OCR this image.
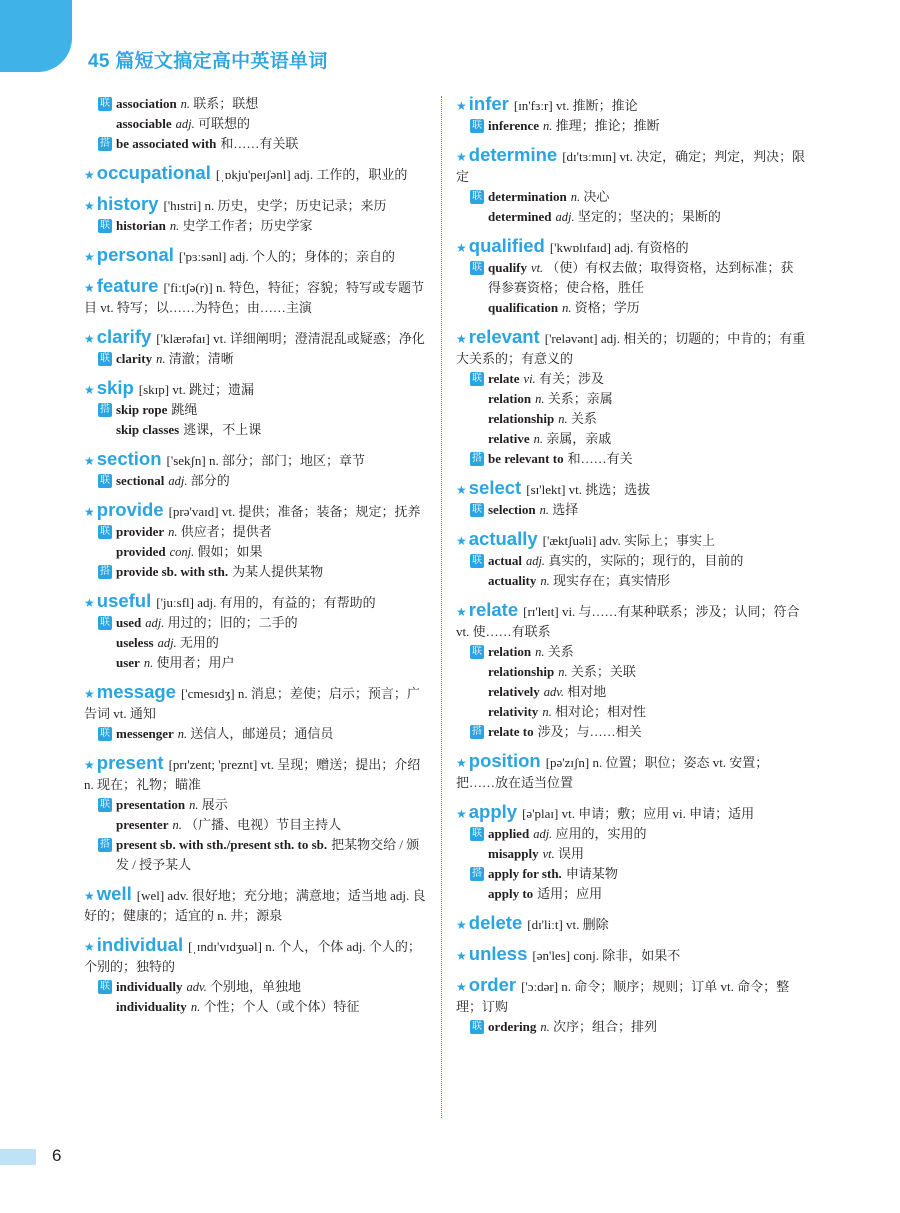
45 篇短文搞定高中英语单词
联 association n. 联系；联想
associable adj. 可联想的
搭 be associated with 和……有关联
★ occupational [ˌɒkju'peɪʃənl] adj. 工作的，职业的
★ history ['hɪstri] n. 历史，史学；历史记录；来历
联 historian n. 史学工作者；历史学家
★ personal ['pɜːsənl] adj. 个人的；身体的；亲自的
★ feature ['fiːtʃə(r)] n. 特色，特征；容貌；特写或专题节目 vt. 特写；以……为特色；由……主演
★ clarify ['klærəfaɪ] vt. 详细阐明；澄清混乱或疑惑；净化
联 clarity n. 清澈；清晰
★ skip [skɪp] vt. 跳过；遗漏
搭 skip rope 跳绳
skip classes 逃课，不上课
★ section ['sekʃn] n. 部分；部门；地区；章节
联 sectional adj. 部分的
★ provide [prə'vaɪd] vt. 提供；准备；装备；规定；抚养
联 provider n. 供应者；提供者
provided conj. 假如；如果
搭 provide sb. with sth. 为某人提供某物
★ useful ['juːsfl] adj. 有用的，有益的；有帮助的
联 used adj. 用过的；旧的；二手的
useless adj. 无用的
user n. 使用者；用户
★ message ['cmesɪdʒ] n. 消息；差使；启示；预言；广告词 vt. 通知
联 messenger n. 送信人，邮递员；通信员
★ present [prɪ'zent; 'preznt] vt. 呈现；赠送；提出；介绍 n. 现在；礼物；瞄准
联 presentation n. 展示
presenter n. （广播、电视）节目主持人
搭 present sb. with sth./present sth. to sb. 把某物交给 / 颁发 / 授予某人
★ well [wel] adv. 很好地；充分地；满意地；适当地 adj. 良好的；健康的；适宜的 n. 井；源泉
★ individual [ˌɪndɪ'vɪdʒuəl] n. 个人，个体 adj. 个人的；个别的；独特的
联 individually adv. 个别地，单独地
individuality n. 个性；个人（或个体）特征
★ infer [ɪn'fɜːr] vt. 推断；推论
联 inference n. 推理；推论；推断
★ determine [dɪ'tɜːmɪn] vt. 决定，确定；判定，判决；限定
联 determination n. 决心
determined adj. 坚定的；坚决的；果断的
★ qualified ['kwɒlɪfaɪd] adj. 有资格的
联 qualify vt. （使）有权去做；取得资格，达到标准；获得参赛资格；使合格，胜任
qualification n. 资格；学历
★ relevant ['reləvənt] adj. 相关的；切题的；中肯的；有重大关系的；有意义的
联 relate vi. 有关；涉及
relation n. 关系；亲属
relationship n. 关系
relative n. 亲属，亲戚
搭 be relevant to 和……有关
★ select [sɪ'lekt] vt. 挑选；选拔
联 selection n. 选择
★ actually ['æktʃuəli] adv. 实际上；事实上
联 actual adj. 真实的，实际的；现行的，目前的
actuality n. 现实存在；真实情形
★ relate [rɪ'leɪt] vi. 与……有某种联系；涉及；认同；符合 vt. 使……有联系
联 relation n. 关系
relationship n. 关系；关联
relatively adv. 相对地
relativity n. 相对论；相对性
搭 relate to 涉及；与……相关
★ position [pə'zɪʃn] n. 位置；职位；姿态 vt. 安置；把……放在适当位置
★ apply [ə'plaɪ] vt. 申请；敷；应用 vi. 申请；适用
联 applied adj. 应用的，实用的
misapply vt. 误用
搭 apply for sth. 申请某物
apply to 适用；应用
★ delete [dɪ'liːt] vt. 删除
★ unless [ən'les] conj. 除非，如果不
★ order ['ɔːdər] n. 命令；顺序；规则；订单 vt. 命令；整理；订购
联 ordering n. 次序；组合；排列

6
